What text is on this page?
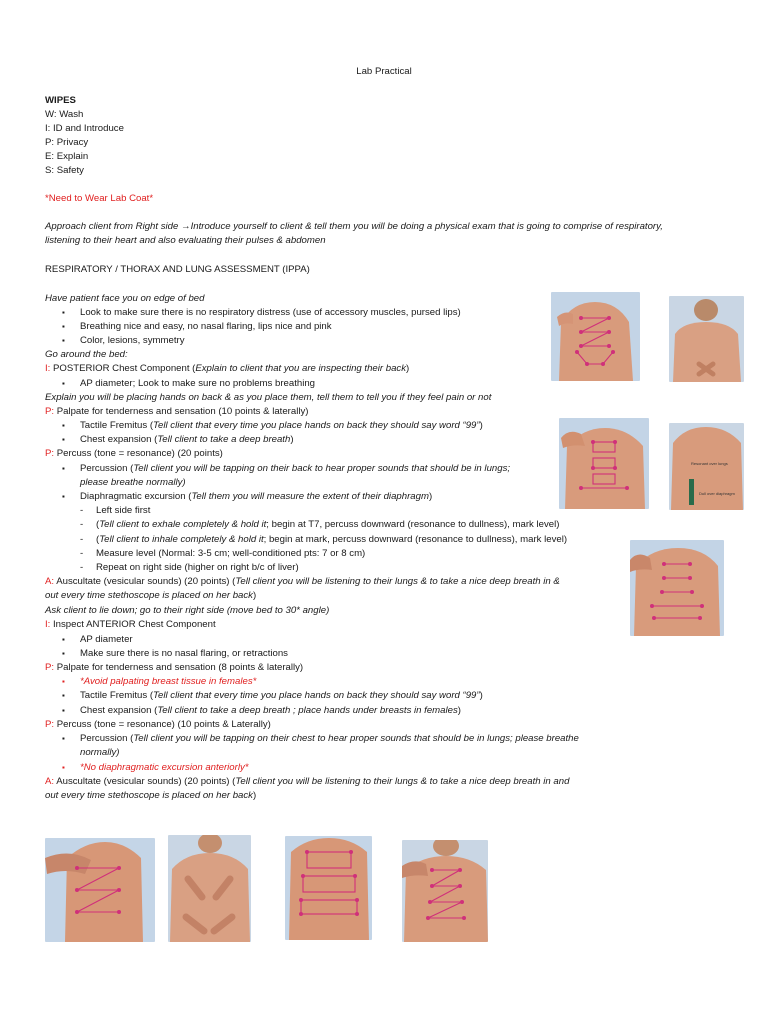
Lab Practical
WIPES
W: Wash
I: ID and Introduce
P: Privacy
E: Explain
S: Safety
*Need to Wear Lab Coat*
Approach client from Right side →Introduce yourself to client & tell them you will be doing a physical exam that is going to comprise of respiratory,
listening to their heart and also evaluating their pulses & abdomen
RESPIRATORY / THORAX AND LUNG ASSESSMENT (IPPA)
Have patient face you on edge of bed
▪	Look to make sure there is no respiratory distress (use of accessory muscles, pursed lips)
▪	Breathing nice and easy, no nasal flaring, lips nice and pink
▪	Color, lesions, symmetry
Go around the bed:
I: POSTERIOR Chest Component (Explain to client that you are inspecting their back)
▪	AP diameter; Look to make sure no problems breathing
Explain you will be placing hands on back & as you place them, tell them to tell you if they feel pain or not
P: Palpate for tenderness and sensation (10 points & laterally)
▪	Tactile Fremitus (Tell client that every time you place hands on back they should say word “99”)
▪	Chest expansion (Tell client to take a deep breath)
P: Percuss (tone = resonance) (20 points)
▪	Percussion (Tell client you will be tapping on their back to hear proper sounds that should be in lungs;
please breathe normally)
▪	Diaphragmatic excursion (Tell them you will measure the extent of their diaphragm)
- Left side first
- (Tell client to exhale completely & hold it; begin at T7, percuss downward (resonance to dullness), mark level)
- (Tell client to inhale completely & hold it; begin at mark, percuss downward (resonance to dullness), mark level)
- Measure level (Normal: 3-5 cm; well-conditioned pts: 7 or 8 cm)
- Repeat on right side (higher on right b/c of liver)
A: Auscultate (vesicular sounds) (20 points) (Tell client you will be listening to their lungs & to take a nice deep breath in &
out every time stethoscope is placed on her back)
Ask client to lie down; go to their right side (move bed to 30* angle)
I: Inspect ANTERIOR Chest Component
▪	AP diameter
▪	Make sure there is no nasal flaring, or retractions
P: Palpate for tenderness and sensation (8 points & laterally)
▪	*Avoid palpating breast tissue in females*
▪	Tactile Fremitus (Tell client that every time you place hands on back they should say word “99”)
▪	Chest expansion (Tell client to take a deep breath ; place hands under breasts in females)
P: Percuss (tone = resonance) (10 points & Laterally)
▪	Percussion (Tell client you will be tapping on their chest to hear proper sounds that should be in lungs; please breathe
normally)
▪	*No diaphragmatic excursion anteriorly*
A: Auscultate (vesicular sounds) (20 points) (Tell client you will be listening to their lungs & to take a nice deep breath in and
out every time stethoscope is placed on her back)
Resonant over lungs
Dull over diaphragm
